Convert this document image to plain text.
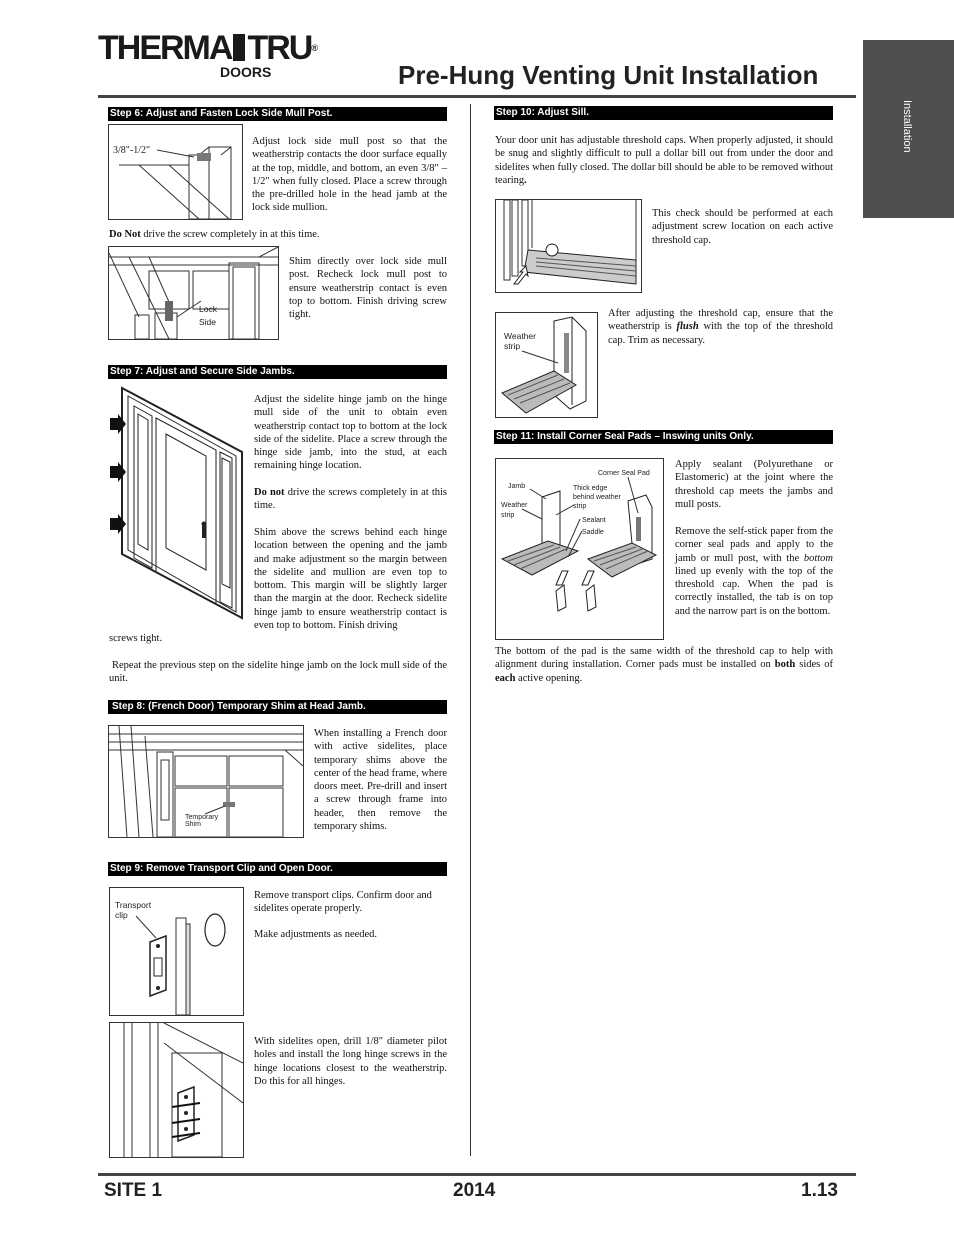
THERMA TRU®
DOORS	Pre-Hung Venting Unit Installation
Installation
Step 6: Adjust and Fasten Lock Side Mull Post.
3/8"-1/2"
Adjust lock side mull post so that the weatherstrip contacts the door surface equally at the top, middle, and bottom, an even 3/8" – 1/2" when fully closed. Place a screw through the pre-drilled hole in the head jamb at the lock side mullion.
Do Not drive the screw completely in at this time.
Lock
Side
Shim directly over lock side mull post. Recheck lock mull post to ensure weatherstrip contact is even top to bottom. Finish driving screw tight.
Step 7: Adjust and Secure Side Jambs.
Adjust the sidelite hinge jamb on the hinge mull side of the unit to obtain even weatherstrip contact top to bottom at the lock side of the sidelite. Place a screw through the hinge side jamb, into the stud, at each remaining hinge location.
Do not drive the screws completely in at this time.
Shim above the screws behind each hinge location between the opening and the jamb and make adjustment so the margin between the sidelite and mullion are even top to bottom. This margin will be slightly larger than the margin at the door. Recheck sidelite hinge jamb to ensure weatherstrip contact is even top to bottom. Finish driving
screws tight.
Repeat the previous step on the sidelite hinge jamb on the lock mull side of the unit.
Step 8: (French Door) Temporary Shim at Head Jamb.
Temporary
Shim
When installing a French door with active sidelites, place temporary shims above the center of the head frame, where doors meet. Pre-drill and insert a screw through frame into header, then remove the temporary shims.
Step 9: Remove Transport Clip and Open Door.
Transport
clip
Remove transport clips. Confirm door and sidelites operate properly.
Make adjustments as needed.
With sidelites open, drill 1/8" diameter pilot holes and install the long hinge screws in the hinge locations closest to the weatherstrip. Do this for all hinges.
Step 10: Adjust Sill.
Your door unit has adjustable threshold caps. When properly adjusted, it should be snug and slightly difficult to pull a dollar bill out from under the door and sidelites when fully closed. The dollar bill should be able to be removed without tearing.
This check should be performed at each adjustment screw location on each active threshold cap.
Weather
strip
After adjusting the threshold cap, ensure that the weatherstrip is flush with the top of the threshold cap. Trim as necessary.
Step 11: Install Corner Seal Pads – Inswing units Only.
Jamb
Weather
strip
Corner Seal Pad
Thick edge
behind weather
strip
Sealant
Saddle
Apply sealant (Polyurethane or Elastomeric) at the joint where the threshold cap meets the jambs and mull posts.
Remove the self-stick paper from the corner seal pads and apply to the jamb or mull post, with the bottom lined up evenly with the top of the threshold cap. When the pad is correctly installed, the tab is on top and the narrow part is on the bottom.
The bottom of the pad is the same width of the threshold cap to help with alignment during installation. Corner pads must be installed on both sides of each active opening.
SITE 1	2014	1.13
